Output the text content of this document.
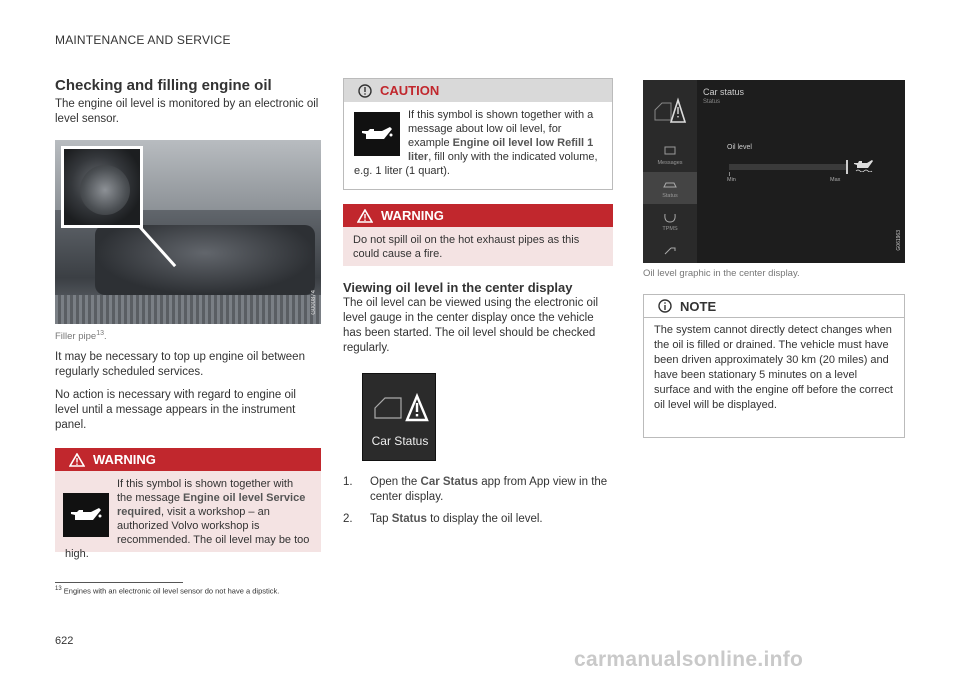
MAINTENANCE AND SERVICE
Checking and filling engine oil
The engine oil level is monitored by an electronic oil level sensor.
G000874
Filler pipe$^{13}$.
It may be necessary to top up engine oil between regularly scheduled services.
No action is necessary with regard to engine oil level until a message appears in the instrument panel.
WARNING
If this symbol is shown together with the message Engine oil level Service required, visit a workshop – an authorized Volvo workshop is recommended. The oil level may be too high.
CAUTION
If this symbol is shown together with a message about low oil level, for example Engine oil level low Refill 1 liter, fill only with the indicated volume, e.g. 1 liter (1 quart).
WARNING
Do not spill oil on the hot exhaust pipes as this could cause a fire.
Viewing oil level in the center display
The oil level can be viewed using the electronic oil level gauge in the center display once the vehicle has been started. The oil level should be checked regularly.
Car Status
1.	Open the Car Status app from App view in the center display.
2.	Tap Status to display the oil level.
Messages
Status
TPMS
Car status
Status
Oil level
Min	Max
G061963
Oil level graphic in the center display.
NOTE
The system cannot directly detect changes when the oil is filled or drained. The vehicle must have been driven approximately 30 km (20 miles) and have been stationary 5 minutes on a level surface and with the engine off before the correct oil level will be displayed.
$^{13}$ Engines with an electronic oil level sensor do not have a dipstick.
622
carmanualsonline.info
